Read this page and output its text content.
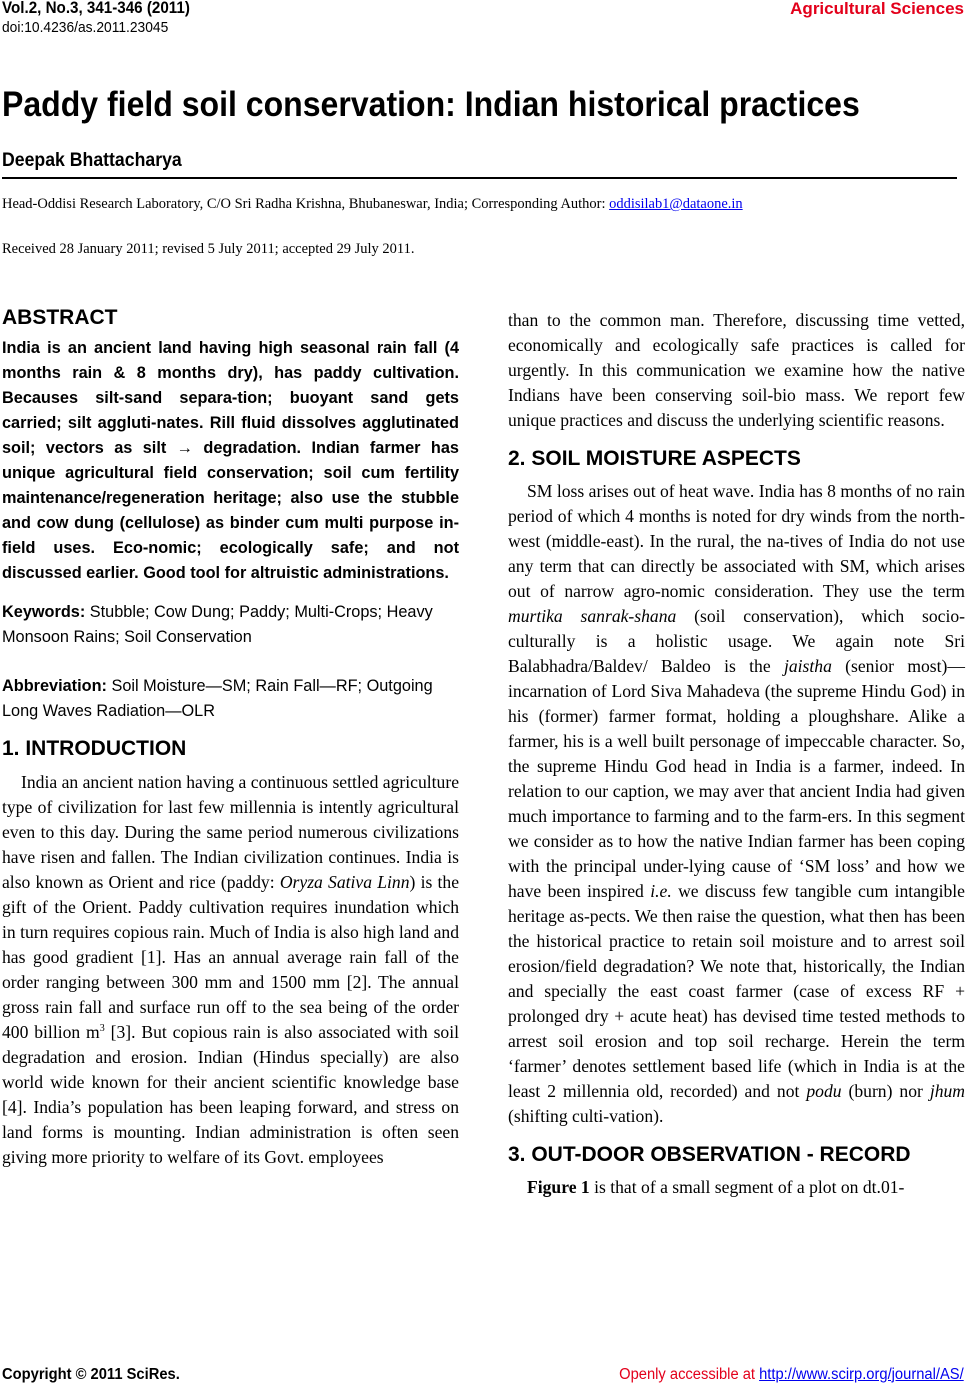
Vol.2, No.3, 341-346 (2011)
doi:10.4236/as.2011.23045
Agricultural Sciences
Paddy field soil conservation: Indian historical practices
Deepak Bhattacharya
Head-Oddisi Research Laboratory, C/O Sri Radha Krishna, Bhubaneswar, India; Corresponding Author: oddisilab1@dataone.in
Received 28 January 2011; revised 5 July 2011; accepted 29 July 2011.
ABSTRACT

India is an ancient land having high seasonal rain fall (4 months rain & 8 months dry), has paddy cultivation. Becauses silt-sand separa-tion; buoyant sand gets carried; silt aggluti-nates. Rill fluid dissolves agglutinated soil; vectors as silt → degradation. Indian farmer has unique agricultural field conservation; soil cum fertility maintenance/regeneration heritage; also use the stubble and cow dung (cellulose) as binder cum multi purpose in-field uses. Eco-nomic; ecologically safe; and not discussed earlier. Good tool for altruistic administrations.

Keywords: Stubble; Cow Dung; Paddy; Multi-Crops; Heavy Monsoon Rains; Soil Conservation

Abbreviation: Soil Moisture—SM; Rain Fall—RF; Outgoing Long Waves Radiation—OLR

1. INTRODUCTION

India an ancient nation having a continuous settled agriculture type of civilization for last few millennia is intently agricultural even to this day. During the same period numerous civilizations have risen and fallen. The Indian civilization continues. India is also known as Orient and rice (paddy: Oryza Sativa Linn) is the gift of the Orient. Paddy cultivation requires inundation which in turn requires copious rain. Much of India is also high land and has good gradient [1]. Has an annual average rain fall of the order ranging between 300 mm and 1500 mm [2]. The annual gross rain fall and surface run off to the sea being of the order 400 billion $m^3$ [3]. But copious rain is also associated with soil degradation and erosion. Indian (Hindus specially) are also world wide known for their ancient scientific knowledge base [4]. India’s population has been leaping forward, and stress on land forms is mounting. Indian administration is often seen giving more priority to welfare of its Govt. employees

than to the common man. Therefore, discussing time vetted, economically and ecologically safe practices is called for urgently. In this communication we examine how the native Indians have been conserving soil-bio mass. We report few unique practices and discuss the underlying scientific reasons.

2. SOIL MOISTURE ASPECTS

SM loss arises out of heat wave. India has 8 months of no rain period of which 4 months is noted for dry winds from the north-west (middle-east). In the rural, the na-tives of India do not use any term that can directly be associated with SM, which arises out of narrow agro-nomic consideration. They use the term murtika sanrak-shana (soil conservation), which socio-culturally is a holistic usage. We again note Sri Balabhadra/Baldev/ Baldeo is the jaistha (senior most)—incarnation of Lord Siva Mahadeva (the supreme Hindu God) in his (former) farmer format, holding a ploughshare. Alike a farmer, his is a well built personage of impeccable character. So, the supreme Hindu God head in India is a farmer, indeed. In relation to our caption, we may aver that ancient India had given much importance to farming and to the farm-ers. In this segment we consider as to how the native Indian farmer has been coping with the principal under-lying cause of ‘SM loss’ and how we have been inspired i.e. we discuss few tangible cum intangible heritage as-pects. We then raise the question, what then has been the historical practice to retain soil moisture and to arrest soil erosion/field degradation? We note that, historically, the Indian and specially the east coast farmer (case of excess RF + prolonged dry + acute heat) has devised time tested methods to arrest soil erosion and top soil recharge. Herein the term ‘farmer’ denotes settlement based life (which in India is at the least 2 millennia old, recorded) and not podu (burn) nor jhum (shifting culti-vation).

3. OUT-DOOR OBSERVATION - RECORD

Figure 1 is that of a small segment of a plot on dt.01-

Copyright © 2011 SciRes.	Openly accessible at http://www.scirp.org/journal/AS/
